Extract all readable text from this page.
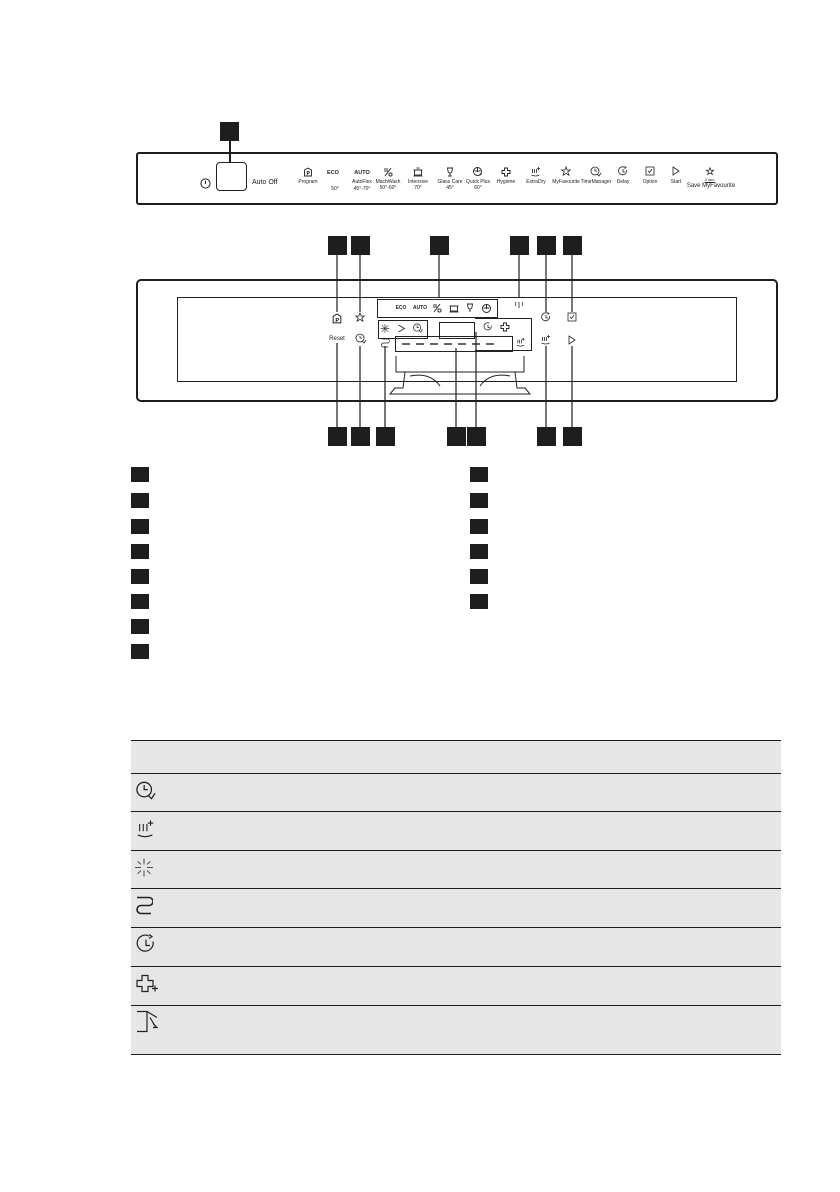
Auto Off
P
Program
ECO
50°
AUTO
AutoFlex 45°-70°
MachWash
50°-60°
Intensive
70°
Glass Care
45°
P
Quick Plus
60°
Hygiene ExtraDry MyFavourite TimeManager Delay	Option	Start	3 sec.
Save MyFavourite
P
Reset
ECO AUTO
